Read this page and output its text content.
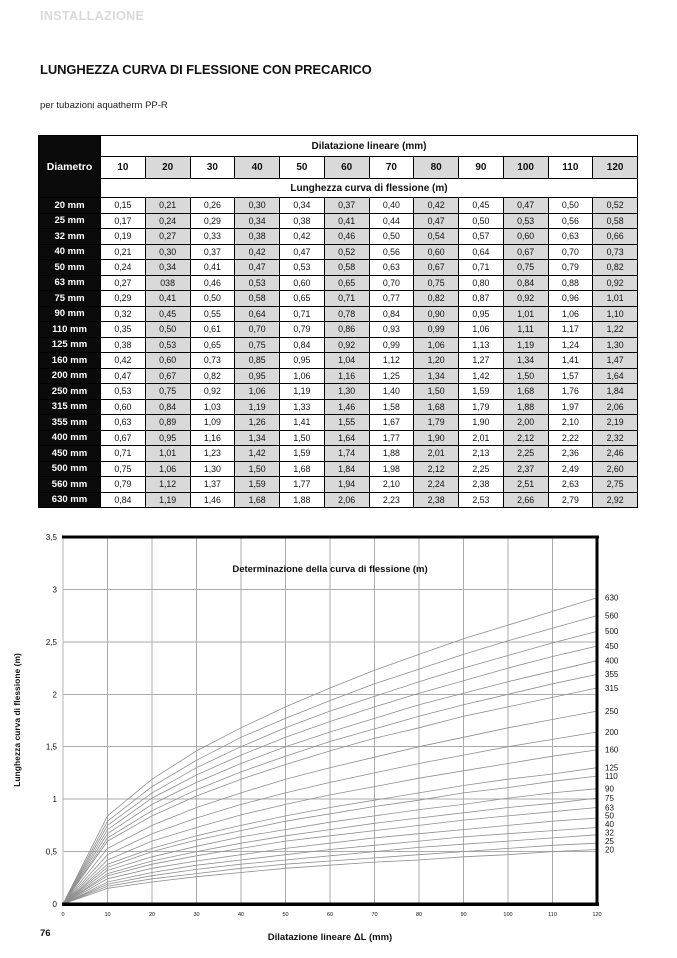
INSTALLAZIONE
LUNGHEZZA CURVA DI FLESSIONE CON PRECARICO
per tubazioni aquatherm PP-R
Diametro	Dilatazione lineare (mm)											
	10	20	30	40	50	60	70	80	90	100	110	120
	Lunghezza curva di flessione (m)											
20 mm	0,15	0,21	0,26	0,30	0,34	0,37	0,40	0,42	0,45	0,47	0,50	0,52
25 mm	0,17	0,24	0,29	0,34	0,38	0,41	0,44	0,47	0,50	0,53	0,56	0,58
32 mm	0,19	0,27	0,33	0,38	0,42	0,46	0,50	0,54	0,57	0,60	0,63	0,66
40 mm	0,21	0,30	0,37	0,42	0,47	0,52	0,56	0,60	0,64	0,67	0,70	0,73
50 mm	0,24	0,34	0,41	0,47	0,53	0,58	0,63	0,67	0,71	0,75	0,79	0,82
63 mm	0,27	038	0,46	0,53	0,60	0,65	0,70	0,75	0,80	0,84	0,88	0,92
75 mm	0,29	0,41	0,50	0,58	0,65	0,71	0,77	0,82	0,87	0,92	0,96	1,01
90 mm	0,32	0,45	0,55	0,64	0,71	0,78	0,84	0,90	0,95	1,01	1,06	1,10
110 mm	0,35	0,50	0,61	0,70	0,79	0,86	0,93	0,99	1,06	1,11	1,17	1,22
125 mm	0,38	0,53	0,65	0,75	0,84	0,92	0,99	1,06	1,13	1,19	1,24	1,30
160 mm	0,42	0,60	0,73	0,85	0,95	1,04	1,12	1,20	1,27	1,34	1,41	1,47
200 mm	0,47	0,67	0,82	0,95	1,06	1,16	1,25	1,34	1,42	1,50	1,57	1,64
250 mm	0,53	0,75	0,92	1,06	1,19	1,30	1,40	1,50	1,59	1,68	1,76	1,84
315 mm	0,60	0,84	1,03	1,19	1,33	1,46	1,58	1,68	1,79	1,88	1,97	2,06
355 mm	0,63	0,89	1,09	1,26	1,41	1,55	1,67	1,79	1,90	2,00	2,10	2,19
400 mm	0,67	0,95	1,16	1,34	1,50	1,64	1,77	1,90	2,01	2,12	2,22	2,32
450 mm	0,71	1,01	1,23	1,42	1,59	1,74	1,88	2,01	2,13	2,25	2,36	2,46
500 mm	0,75	1,06	1,30	1,50	1,68	1,84	1,98	2,12	2,25	2,37	2,49	2,60
560 mm	0,79	1,12	1,37	1,59	1,77	1,94	2,10	2,24	2,38	2,51	2,63	2,75
630 mm	0,84	1,19	1,46	1,68	1,88	2,06	2,23	2,38	2,53	2,66	2,79	2,92
0
0,5
1
1,5
2
2,5
3
3,5
0	10	20	30	40	50	60	70	80	90	100	110	120
20
25
32
40
50
63
75
90
110
125
160
200
250
315
355
400
450
500
560
630
Determinazione della curva di flessione (m)
Dilatazione lineare ΔL (mm)
Lunghezza curva di flessione (m)
76
